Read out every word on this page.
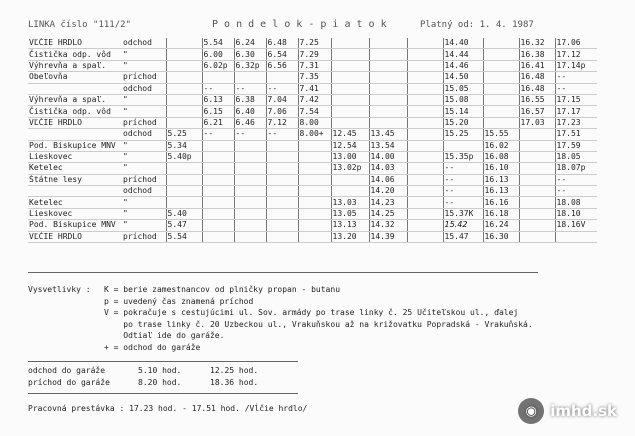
LINKA číslo "111/2"	P o n d e l o k - p i a t o k	Platný od: 1. 4. 1987
VĽČIE HRDLO	odchod		5.54	6.24	6.48	7.25				14.40		16.32	17.06
Čistička odp. vôd	"		6.00	6.30	6.54	7.29				14.44		16.38	17.12
Výhrevňa a spaľ.	"		6.02p	6.32p	6.56	7.31				14.46		16.41	17.14p
Obeľovňa	príchod					7.35				14.50		16.48	--
	odchod		--	--	--	7.41				15.05		16.48	--
Výhrevňa a spaľ.	"		6.13	6.38	7.04	7.42				15.08		16.55	17.15
Čistička odp. vôd	"		6.15	6.40	7.06	7.54				15.14		16.57	17.17
VĽČIE HRDLO	príchod		6.21	6.46	7.12	8.00				15.20		17.03	17.23
	odchod	5.25	--	--	--	8.00+	12.45	13.45		15.25	15.55		17.51
Pod. Biskupice MNV	"	5.34					12.54	13.54			16.02		17.59
Lieskovec	"	5.40p					13.00	14.00		15.35p	16.08		18.05
Ketelec	"						13.02p	14.03		--	16.10		18.07p
Štátne lesy	príchod							14.06		--	16.13		--
	odchod							14.20		--	16.13		--
Ketelec	"						13.03	14.23		--	16.16		18.08
Lieskovec	"	5.40					13.05	14.25		15.37K	16.18		18.10
Pod. Biskupice MNV	"	5.47					13.13	14.32		15.42	16.24		18.16V
VĽČIE HRDLO	príchod	5.54					13.20	14.39		15.47	16.30		
Vysvetlivky : K = berie zamestnancov od plničky propan - butanu
p = uvedený čas znamená príchod
V = pokračuje s cestujúcimi ul. Sov. armády po trase linky č. 25 Učiteľskou ul., ďalej
po trase linky č. 20 Uzbeckou ul., Vrakuňskou až na križovatku Popradská - Vrakuňská.
Odtiaľ ide do garáže.
+ = odchod do garáže
odchod do garáže	5.10 hod.	12.25 hod.
príchod do garáže	8.20 hod.	18.36 hod.
Pracovná prestávka : 17.23 hod. - 17.51 hod. /Vĺčie hrdlo/	◉ imhd.sk
